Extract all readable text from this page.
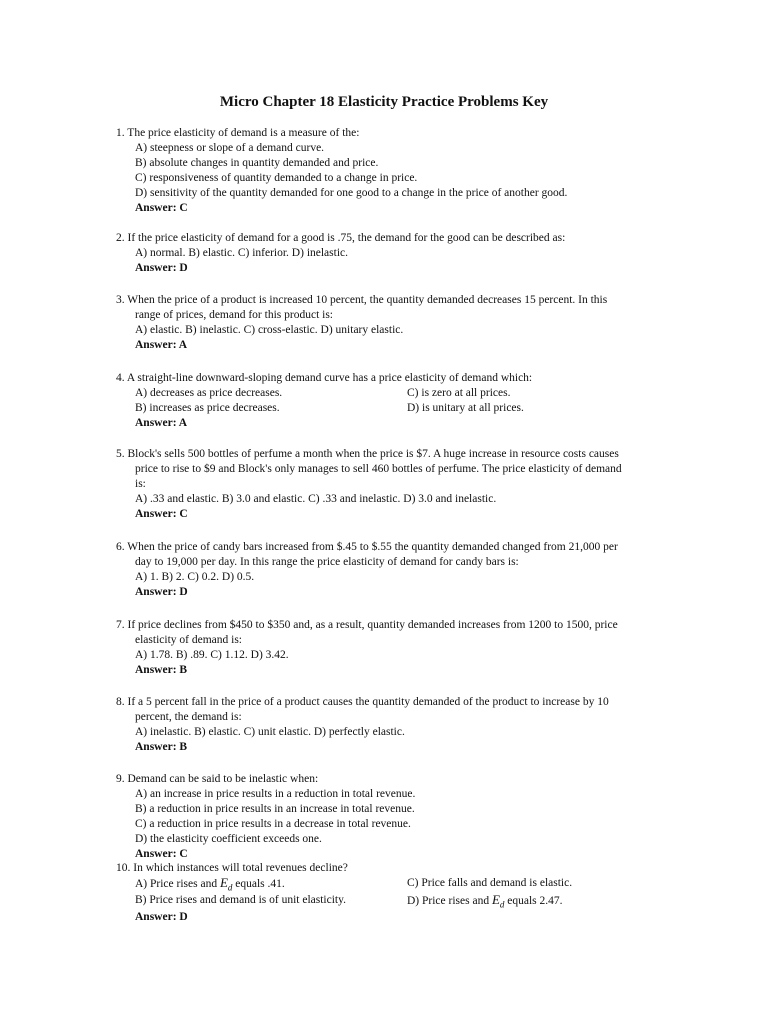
Micro Chapter 18 Elasticity Practice Problems Key
1. The price elasticity of demand is a measure of the:
A) steepness or slope of a demand curve.
B) absolute changes in quantity demanded and price.
C) responsiveness of quantity demanded to a change in price.
D) sensitivity of the quantity demanded for one good to a change in the price of another good.
Answer: C
2. If the price elasticity of demand for a good is .75, the demand for the good can be described as:
A) normal. B) elastic. C) inferior. D) inelastic.
Answer: D
3. When the price of a product is increased 10 percent, the quantity demanded decreases 15 percent. In this
range of prices, demand for this product is:
A) elastic. B) inelastic. C) cross-elastic. D) unitary elastic.
Answer: A
4. A straight-line downward-sloping demand curve has a price elasticity of demand which:
A) decreases as price decreases.
B) increases as price decreases.
C) is zero at all prices.
D) is unitary at all prices.
Answer: A
5. Block's sells 500 bottles of perfume a month when the price is $7. A huge increase in resource costs causes
price to rise to $9 and Block's only manages to sell 460 bottles of perfume. The price elasticity of demand
is:
A) .33 and elastic. B) 3.0 and elastic. C) .33 and inelastic. D) 3.0 and inelastic.
Answer: C
6. When the price of candy bars increased from $.45 to $.55 the quantity demanded changed from 21,000 per
day to 19,000 per day. In this range the price elasticity of demand for candy bars is:
A) 1. B) 2. C) 0.2. D) 0.5.
Answer: D
7. If price declines from $450 to $350 and, as a result, quantity demanded increases from 1200 to 1500, price
elasticity of demand is:
A) 1.78. B) .89. C) 1.12. D) 3.42.
Answer: B
8. If a 5 percent fall in the price of a product causes the quantity demanded of the product to increase by 10
percent, the demand is:
A) inelastic. B) elastic. C) unit elastic. D) perfectly elastic.
Answer: B
9. Demand can be said to be inelastic when:
A) an increase in price results in a reduction in total revenue.
B) a reduction in price results in an increase in total revenue.
C) a reduction in price results in a decrease in total revenue.
D) the elasticity coefficient exceeds one.
Answer: C
10. In which instances will total revenues decline?
A) Price rises and $E_d$ equals .41.
B) Price rises and demand is of unit elasticity.
C) Price falls and demand is elastic.
D) Price rises and $E_d$ equals 2.47.
Answer: D
